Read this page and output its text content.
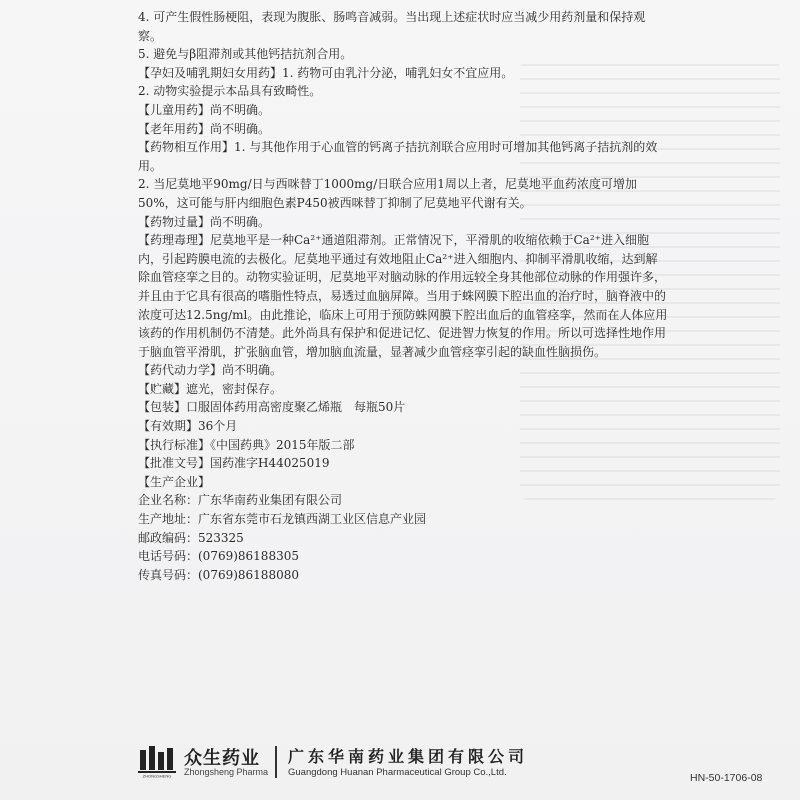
4. 可产生假性肠梗阻，表现为腹胀、肠鸣音减弱。当出现上述症状时应当减少用药剂量和保持观察。

5. 避免与β阻滞剂或其他钙拮抗剂合用。

【孕妇及哺乳期妇女用药】1. 药物可由乳汁分泌，哺乳妇女不宜应用。

2. 动物实验提示本品具有致畸性。

【儿童用药】尚不明确。

【老年用药】尚不明确。

【药物相互作用】1. 与其他作用于心血管的钙离子拮抗剂联合应用时可增加其他钙离子拮抗剂的效用。

2. 当尼莫地平90mg/日与西咪替丁1000mg/日联合应用1周以上者，尼莫地平血药浓度可增加50%，这可能与肝内细胞色素P450被西咪替丁抑制了尼莫地平代谢有关。

【药物过量】尚不明确。

【药理毒理】尼莫地平是一种Ca²⁺通道阻滞剂。正常情况下，平滑肌的收缩依赖于Ca²⁺进入细胞内，引起跨膜电流的去极化。尼莫地平通过有效地阻止Ca²⁺进入细胞内、抑制平滑肌收缩，达到解除血管痉挛之目的。动物实验证明，尼莫地平对脑动脉的作用远较全身其他部位动脉的作用强许多，并且由于它具有很高的嗜脂性特点，易透过血脑屏障。当用于蛛网膜下腔出血的治疗时，脑脊液中的浓度可达12.5ng/ml。由此推论，临床上可用于预防蛛网膜下腔出血后的血管痉挛，然而在人体应用该药的作用机制仍不清楚。此外尚具有保护和促进记忆、促进智力恢复的作用。所以可选择性地作用于脑血管平滑肌，扩张脑血管，增加脑血流量，显著减少血管痉挛引起的缺血性脑损伤。

【药代动力学】尚不明确。

【贮藏】遮光，密封保存。

【包装】口服固体药用高密度聚乙烯瓶　每瓶50片

【有效期】36个月

【执行标准】《中国药典》2015年版二部

【批准文号】国药准字H44025019

【生产企业】

企业名称：广东华南药业集团有限公司

生产地址：广东省东莞市石龙镇西湖工业区信息产业园

邮政编码：523325

电话号码：(0769)86188305

传真号码：(0769)86188080

ZHONGSHENG
众生药业
Zhongsheng Pharma
广东华南药业集团有限公司
Guangdong Huanan Pharmaceutical Group Co.,Ltd.	HN-50-1706-08
